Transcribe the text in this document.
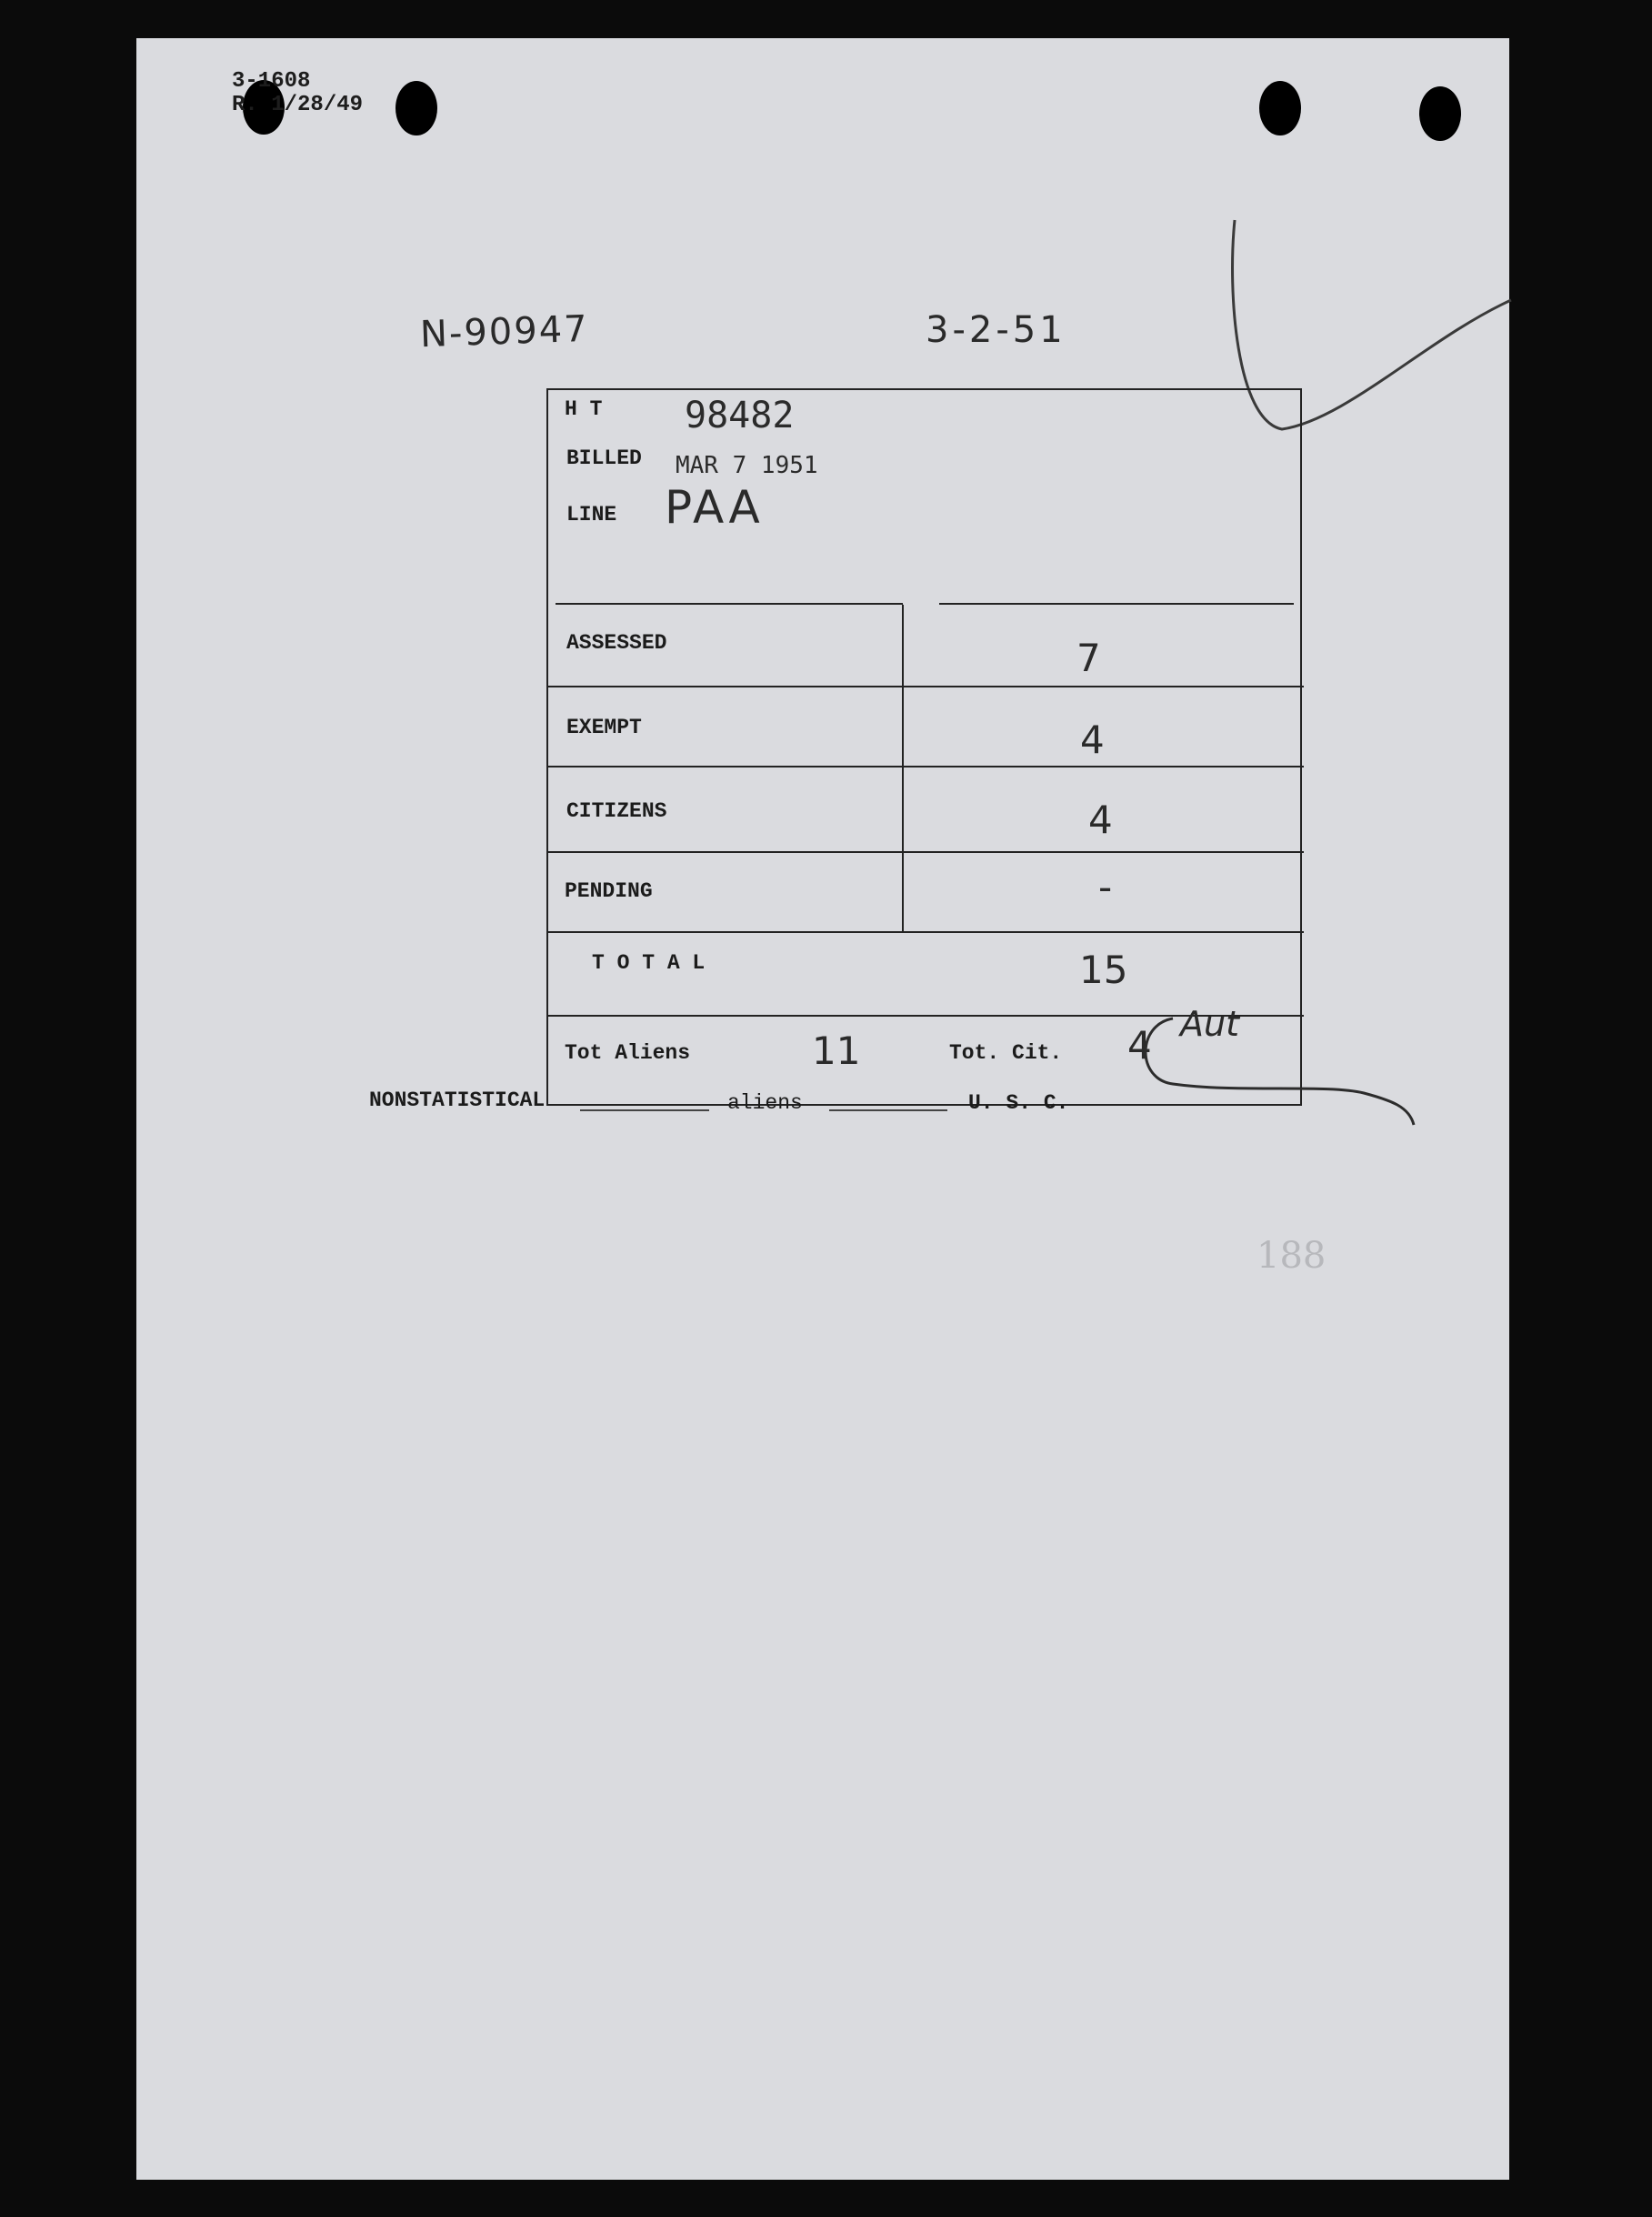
3-1608
R. 1/28/49
N-90947	3-2-51
H T 98482
BILLED MAR 7 1951
LINE PAA
ASSESSED	7
EXEMPT	4
CITIZENS	4
PENDING	-
T O T A L	15
Tot Aliens	11	Tot. Cit. 4 Aut
NONSTATISTICAL	aliens	U. S. C.
188
